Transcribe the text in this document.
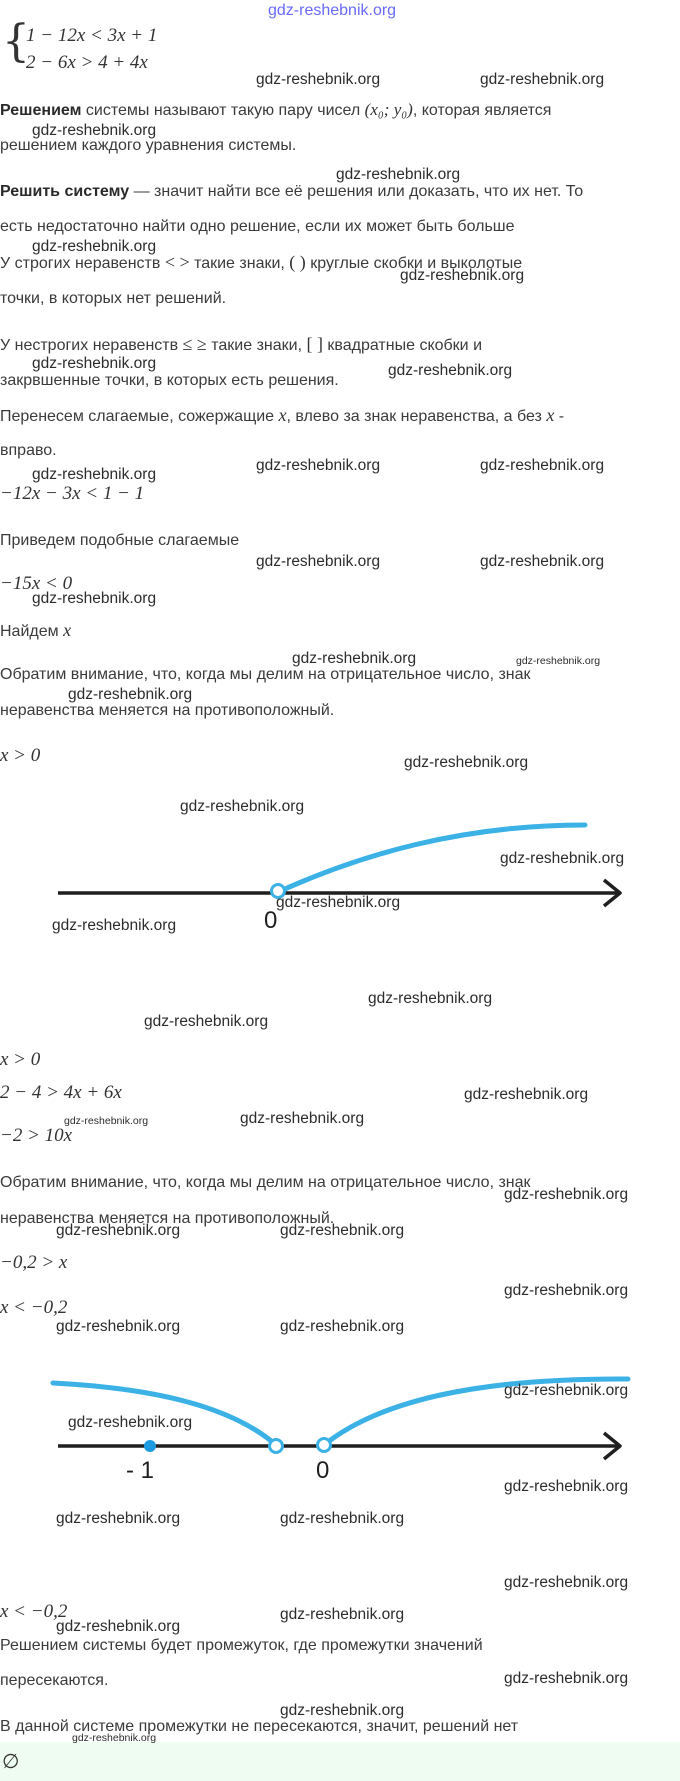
gdz-reshebnik.org
{
1 − 12x < 3x + 1
2 − 6x > 4 + 4x
Решением системы называют такую пару чисел (x₀; y₀), которая является
решением каждого уравнения системы.
Решить систему — значит найти все её решения или доказать, что их нет. То
есть недостаточно найти одно решение, если их может быть больше
У строгих неравенств < > такие знаки, ( ) круглые скобки и выколотые
точки, в которых нет решений.
У нестрогих неравенств ≤ ≥ такие знаки, [ ] квадратные скобки и
закрвшенные точки, в которых есть решения.
Перенесем слагаемые, сожержащие x, влево за знак неравенства, а без x -
вправо.
−12x − 3x < 1 − 1
Приведем подобные слагаемые
−15x < 0
Найдем x
Обратим внимание, что, когда мы делим на отрицательное число, знак
неравенства меняется на противоположный.
x > 0
0
x > 0
2 − 4 > 4x + 6x
−2 > 10x
Обратим внимание, что, когда мы делим на отрицательное число, знак
неравенства меняется на противоположный.
−0,2 > x
x < −0,2
- 1	0
x < −0,2
Решением системы будет промежуток, где промежутки значений
пересекаются.
В данной системе промежутки не пересекаются, значит, решений нет
∅
gdz-reshebnik.org	gdz-reshebnik.org
gdz-reshebnik.org
gdz-reshebnik.org
gdz-reshebnik.org
gdz-reshebnik.org
gdz-reshebnik.org	gdz-reshebnik.org
gdz-reshebnik.org
gdz-reshebnik.org	gdz-reshebnik.org
gdz-reshebnik.org	gdz-reshebnik.org
gdz-reshebnik.org
gdz-reshebnik.org	gdz-reshebnik.org
gdz-reshebnik.org
gdz-reshebnik.org
gdz-reshebnik.org
gdz-reshebnik.org
gdz-reshebnik.org
gdz-reshebnik.org
gdz-reshebnik.org
gdz-reshebnik.org
gdz-reshebnik.org
gdz-reshebnik.org	gdz-reshebnik.org
gdz-reshebnik.org
gdz-reshebnik.org	gdz-reshebnik.org
gdz-reshebnik.org
gdz-reshebnik.org	gdz-reshebnik.org
gdz-reshebnik.org
gdz-reshebnik.org
gdz-reshebnik.org
gdz-reshebnik.org	gdz-reshebnik.org
gdz-reshebnik.org
gdz-reshebnik.org
gdz-reshebnik.org
gdz-reshebnik.org
gdz-reshebnik.org
gdz-reshebnik.org
